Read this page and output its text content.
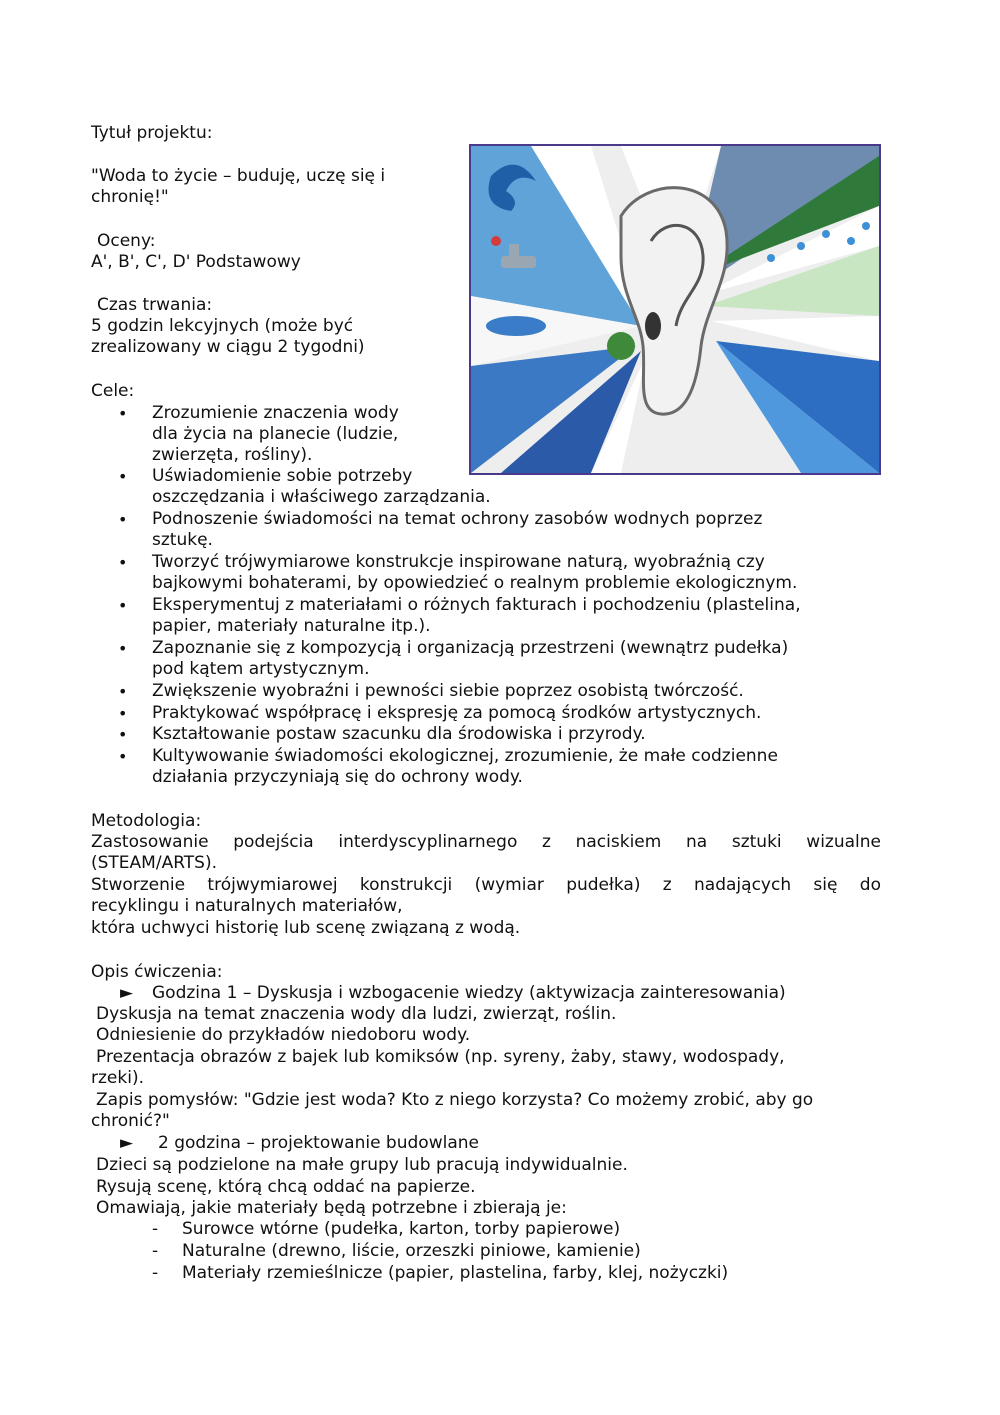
Tytuł projektu:
"Woda to życie – buduję, uczę się i
chronię!"
Oceny:
A', B', C', D' Podstawowy
Czas trwania:
5 godzin lekcyjnych (może być
zrealizowany w ciągu 2 tygodni)
Cele:
• Zrozumienie znaczenia wody
dla życia na planecie (ludzie,
zwierzęta, rośliny).
• Uświadomienie sobie potrzeby
oszczędzania i właściwego zarządzania.
• Podnoszenie świadomości na temat ochrony zasobów wodnych poprzez
sztukę.
• Tworzyć trójwymiarowe konstrukcje inspirowane naturą, wyobraźnią czy
bajkowymi bohaterami, by opowiedzieć o realnym problemie ekologicznym.
• Eksperymentuj z materiałami o różnych fakturach i pochodzeniu (plastelina,
papier, materiały naturalne itp.).
• Zapoznanie się z kompozycją i organizacją przestrzeni (wewnątrz pudełka)
pod kątem artystycznym.
• Zwiększenie wyobraźni i pewności siebie poprzez osobistą twórczość.
• Praktykować współpracę i ekspresję za pomocą środków artystycznych.
• Kształtowanie postaw szacunku dla środowiska i przyrody.
• Kultywowanie świadomości ekologicznej, zrozumienie, że małe codzienne
działania przyczyniają się do ochrony wody.
Metodologia:
Zastosowanie podejścia interdyscyplinarnego z naciskiem na sztuki wizualne
(STEAM/ARTS).
Stworzenie trójwymiarowej konstrukcji (wymiar pudełka) z nadających się do
recyklingu i naturalnych materiałów,
która uchwyci historię lub scenę związaną z wodą.
Opis ćwiczenia:
► Godzina 1 – Dyskusja i wzbogacenie wiedzy (aktywizacja zainteresowania)
Dyskusja na temat znaczenia wody dla ludzi, zwierząt, roślin.
Odniesienie do przykładów niedoboru wody.
Prezentacja obrazów z bajek lub komiksów (np. syreny, żaby, stawy, wodospady,
rzeki).
Zapis pomysłów: "Gdzie jest woda? Kto z niego korzysta? Co możemy zrobić, aby go
chronić?"
► 2 godzina – projektowanie budowlane
Dzieci są podzielone na małe grupy lub pracują indywidualnie.
Rysują scenę, którą chcą oddać na papierze.
Omawiają, jakie materiały będą potrzebne i zbierają je:
- Surowce wtórne (pudełka, karton, torby papierowe)
- Naturalne (drewno, liście, orzeszki piniowe, kamienie)
- Materiały rzemieślnicze (papier, plastelina, farby, klej, nożyczki)
